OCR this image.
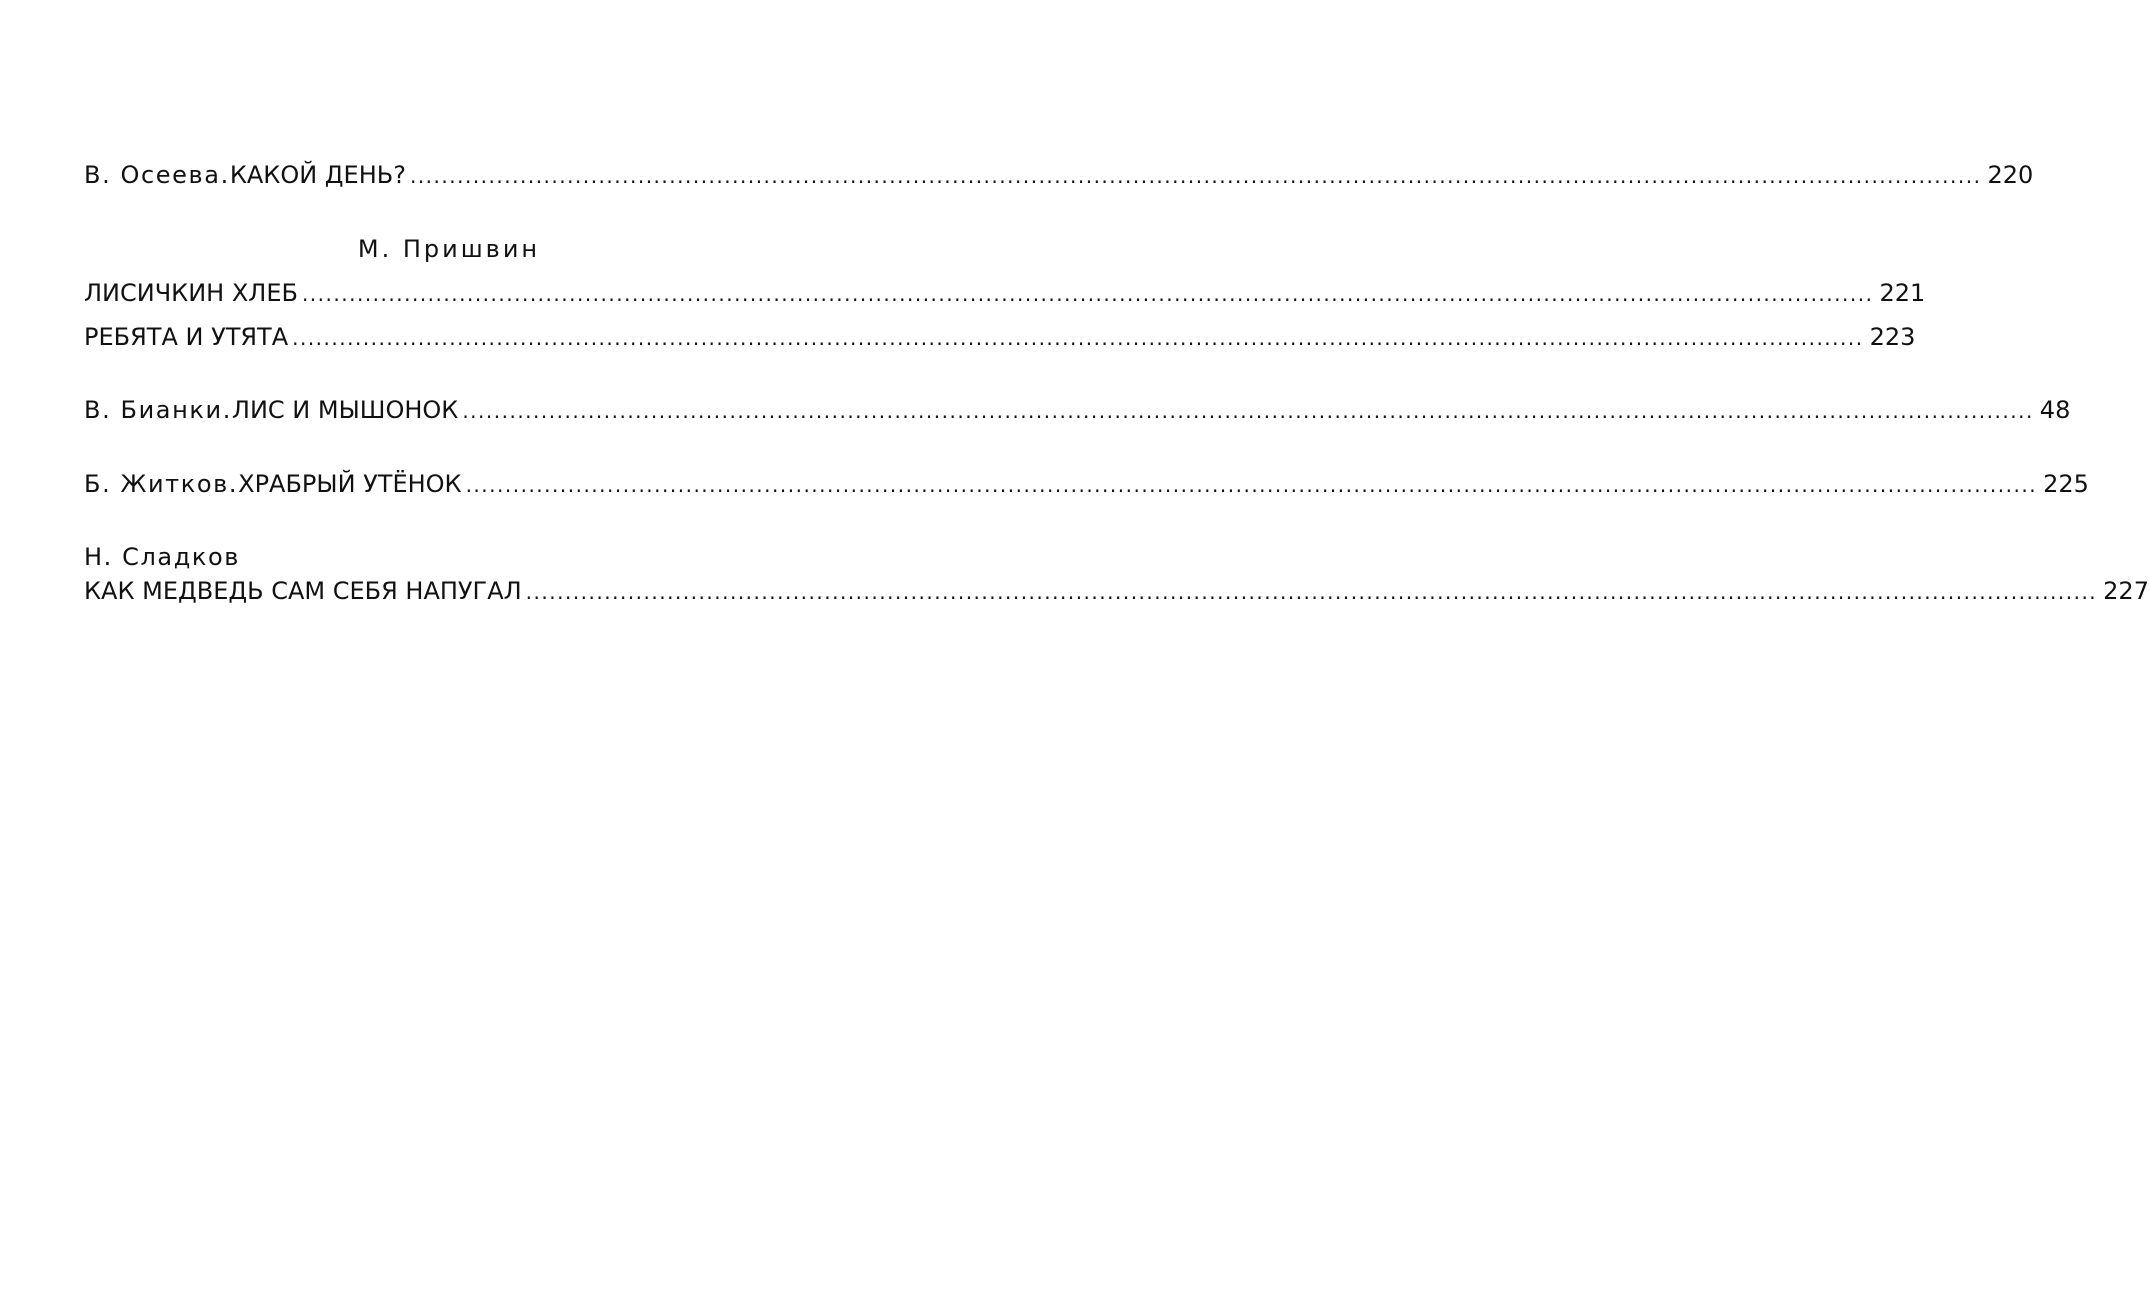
В. Осеева . КАКОЙ ДЕНЬ? ........................................................................................................................................................................................................ 220
М. Пришвин
ЛИСИЧКИН ХЛЕБ ........................................................................................................................................................................................................ 221
РЕБЯТА И УТЯТА ........................................................................................................................................................................................................ 223
В. Бианки . ЛИС И МЫШОНОК ........................................................................................................................................................................................................ 48
Б. Житков . ХРАБРЫЙ УТЁНОК ........................................................................................................................................................................................................ 225
Н. Сладков
КАК МЕДВЕДЬ САМ СЕБЯ НАПУГАЛ ........................................................................................................................................................................................................ 227
